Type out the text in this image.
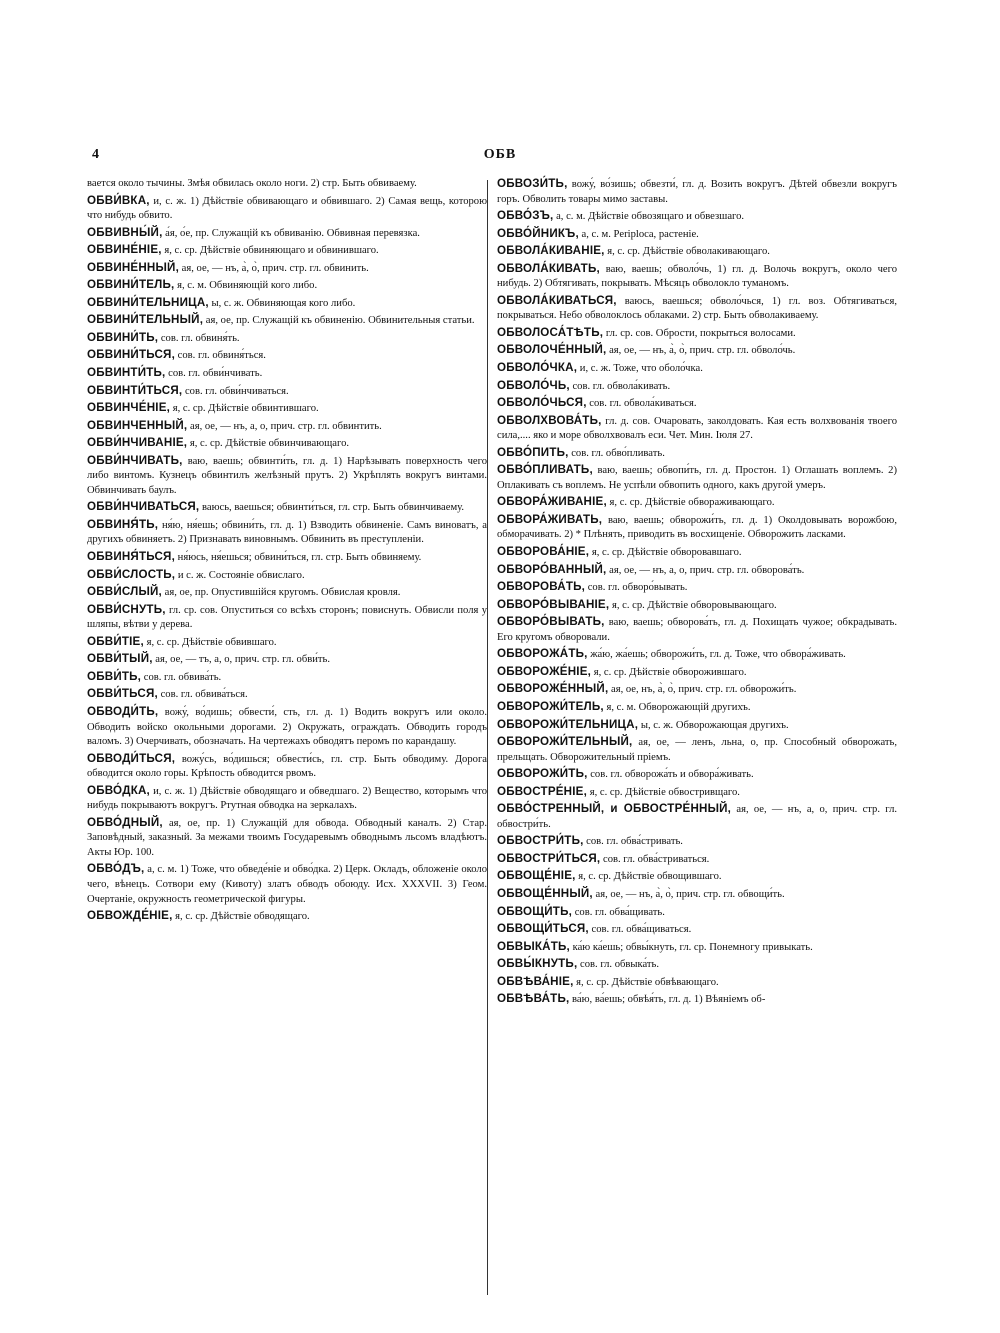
4	ОБВ
вается около тычины. Змѣя обвилась около ноги. 2) стр. Быть обвиваему.
ОБВИ́ВКА, и, с. ж. 1) Дѣйствіе обвивающаго и обвившаго. 2) Самая вещь, которою что нибудь обвито.
ОБВИВНЫ́Й, а́я, о́е, пр. Служащій къ обвиванію. Обвивная перевязка.
ОБВИНЕ́НІЕ, я, с. ср. Дѣйствіе обвиняющаго и обвинившаго.
ОБВИНЕ́ННЫЙ, ая, ое, — нъ, а̀, о̀, прич. стр. гл. обвинить.
ОБВИНИ́ТЕЛЬ, я, с. м. Обвиняющій кого либо.
ОБВИНИ́ТЕЛЬНИЦА, ы, с. ж. Обвиняющая кого либо.
ОБВИНИ́ТЕЛЬНЫЙ, ая, ое, пр. Служащій къ обвиненію. Обвинительныя статьи.
ОБВИНИ́ТЬ, сов. гл. обвиня́ть.
ОБВИНИ́ТЬСЯ, сов. гл. обвиня́ться.
ОБВИНТИ́ТЬ, сов. гл. обви́нчивать.
ОБВИНТИ́ТЬСЯ, сов. гл. обви́нчиваться.
ОБВИНЧЕ́НІЕ, я, с. ср. Дѣйствіе обвинтившаго.
ОБВИНЧЕННЫЙ, ая, ое, — нъ, а, о, прич. стр. гл. обвинтить.
ОБВИ́НЧИВАНІЕ, я, с. ср. Дѣйствіе обвинчивающаго.
ОБВИ́НЧИВАТЬ, ваю, ваешь; обвинти́ть, гл. д. 1) Нарѣзывать поверхность чего либо винтомъ. Кузнецъ обвинтилъ желѣзный прутъ. 2) Укрѣплять вокругъ винтами. Обвинчивать баулъ.
ОБВИ́НЧИВАТЬСЯ, ваюсь, ваешься; обвинти́ться, гл. стр. Быть обвинчиваему.
ОБВИНЯ́ТЬ, ня́ю, ня́ешь; обвини́ть, гл. д. 1) Взводить обвиненіе. Самъ виноватъ, а другихъ обвиняетъ. 2) Признавать виновнымъ. Обвинить въ преступленіи.
ОБВИНЯ́ТЬСЯ, ня́юсь, ня́ешься; обвини́ться, гл. стр. Быть обвиняему.
ОБВИ́СЛОСТЬ, и с. ж. Состояніе обвислаго.
ОБВИ́СЛЫЙ, ая, ое, пр. Опустившійся кругомъ. Обвислая кровля.
ОБВИ́СНУТЬ, гл. ср. сов. Опуститься со всѣхъ сторонъ; повиснуть. Обвисли поля у шляпы, вѣтви у дерева.
ОБВИ́ТІЕ, я, с. ср. Дѣйствіе обвившаго.
ОБВИ́ТЫЙ, ая, ое, — тъ, а, о, прич. стр. гл. обви́ть.
ОБВИ́ТЬ, сов. гл. обвива́ть.
ОБВИ́ТЬСЯ, сов. гл. обвива́ться.
ОБВОДИ́ТЬ, вожу́, во́дишь; обвести́, сть, гл. д. 1) Водить вокругъ или около. Обводить войско окольными дорогами. 2) Окружать, ограждать. Обводить городъ валомъ. 3) Очерчивать, обозначать. На чертежахъ обводятъ перомъ по карандашу.
ОБВОДИ́ТЬСЯ, вожу́сь, во́дишься; обвести́сь, гл. стр. Быть обводиму. Дорога обводится около горы. Крѣпость обводится рвомъ.
ОБВО́ДКА, и, с. ж. 1) Дѣйствіе обводящаго и обведшаго. 2) Вещество, которымъ что нибудь покрываютъ вокругъ. Ртутная обводка на зеркалахъ.
ОБВО́ДНЫЙ, ая, ое, пр. 1) Служащій для обвода. Обводный каналъ. 2) Стар. Заповѣдный, заказный. За межами твоимъ Государевымъ обводнымъ льсомъ владѣютъ. Акты Юр. 100.
ОБВО́ДЪ, а, с. м. 1) Тоже, что обведе́ніе и обво́дка. 2) Церк. Окладъ, обложеніе около чего, вѣнецъ. Сотвори ему (Кивоту) златъ обводъ обоюду. Исх. XXXVII. 3) Геом. Очертаніе, окружность геометрической фигуры.
ОБВОЖДЕ́НІЕ, я, с. ср. Дѣйствіе обводящаго.
ОБВОЗИ́ТЬ, вожу́, во́зишь; обвезти́, гл. д. Возить вокругъ. Дѣтей обвезли вокругъ горъ. Обволить товары мимо заставы.
ОБВО́ЗЪ, а, с. м. Дѣйствіе обвозящаго и обвезшаго.
ОБВО́ЙНИКЪ, а, с. м. Periploca, растеніе.
ОБВОЛА́КИВАНІЕ, я, с. ср. Дѣйствіе обволакивающаго.
ОБВОЛА́КИВАТЬ, ваю, ваешь; обволо́чь, 1) гл. д. Волочь вокругъ, около чего нибудь. 2) Обтягивать, покрывать. Мѣсяцъ обволокло туманомъ.
ОБВОЛА́КИВАТЬСЯ, ваюсь, ваешься; обволо́чься, 1) гл. воз. Обтягиваться, покрываться. Небо обволоклось облаками. 2) стр. Быть обволакиваему.
ОБВОЛОСА́ТѢТЬ, гл. ср. сов. Обрости, покрыться волосами.
ОБВОЛОЧЕ́ННЫЙ, ая, ое, — нъ, а̀, о̀, прич. стр. гл. обволо́чь.
ОБВОЛО́ЧКА, и, с. ж. Тоже, что оболо́чка.
ОБВОЛО́ЧЬ, сов. гл. обвола́кивать.
ОБВОЛО́ЧЬСЯ, сов. гл. обвола́киваться.
ОБВОЛХВОВА́ТЬ, гл. д. сов. Очаровать, заколдовать. Кая есть волхвованія твоего сила,.... яко и море обволхвовалъ еси. Чет. Мин. Іюля 27.
ОБВО́ПИТЬ, сов. гл. обво́пливать.
ОБВО́ПЛИВАТЬ, ваю, ваешь; обвопи́ть, гл. д. Простон. 1) Оглашать воплемъ. 2) Оплакивать съ воплемъ. Не успѣли обвопить одного, какъ другой умеръ.
ОБВОРА́ЖИВАНІЕ, я, с. ср. Дѣйствіе обвораживающаго.
ОБВОРА́ЖИВАТЬ, ваю, ваешь; обворожи́ть, гл. д. 1) Околдовывать ворожбою, обморачивать. 2) * Плѣнять, приводить въ восхищеніе. Обворожить ласками.
ОБВОРОВА́НІЕ, я, с. ср. Дѣйствіе обворовавшаго.
ОБВОРО́ВАННЫЙ, ая, ое, — нъ, а, о, прич. стр. гл. обворова́ть.
ОБВОРОВА́ТЬ, сов. гл. обворо́вывать.
ОБВОРО́ВЫВАНІЕ, я, с. ср. Дѣйствіе обворовывающаго.
ОБВОРО́ВЫВАТЬ, ваю, ваешь; обворова́ть, гл. д. Похищать чужое; обкрадывать. Его кругомъ обворовали.
ОБВОРОЖА́ТЬ, жа́ю, жа́ешь; обворожи́ть, гл. д. Тоже, что обвора́живать.
ОБВОРОЖЕ́НІЕ, я, с. ср. Дѣйствіе обворожившаго.
ОБВОРОЖЕ́ННЫЙ, ая, ое, нъ, а̀, о̀, прич. стр. гл. обворожи́ть.
ОБВОРОЖИ́ТЕЛЬ, я, с. м. Обворожающій другихъ.
ОБВОРОЖИ́ТЕЛЬНИЦА, ы, с. ж. Обворожающая другихъ.
ОБВОРОЖИ́ТЕЛЬНЫЙ, ая, ое, — ленъ, льна, о, пр. Способный обворожать, прельщать. Обворожительный пріемъ.
ОБВОРОЖИ́ТЬ, сов. гл. обворожа́ть и обвора́живать.
ОБВОСТРЕ́НІЕ, я, с. ср. Дѣйствіе обвостривщаго.
ОБВО́СТРЕННЫЙ, и ОБВОСТРЕ́ННЫЙ, ая, ое, — нъ, а, о, прич. стр. гл. обвостри́ть.
ОБВОСТРИ́ТЬ, сов. гл. обва́стривать.
ОБВОСТРИ́ТЬСЯ, сов. гл. обва́стриваться.
ОБВОЩЕ́НІЕ, я, с. ср. Дѣйствіе обвощившаго.
ОБВОЩЕ́ННЫЙ, ая, ое, — нъ, а̀, о̀, прич. стр. гл. обвощи́ть.
ОБВОЩИ́ТЬ, сов. гл. обва́щивать.
ОБВОЩИ́ТЬСЯ, сов. гл. обва́щиваться.
ОБВЫКА́ТЬ, ка́ю ка́ешь; обвы́кнуть, гл. ср. Понемногу привыкать.
ОБВЫ́КНУТЬ, сов. гл. обвыка́ть.
ОБВѢВА́НІЕ, я, с. ср. Дѣйствіе обвѣвающаго.
ОБВѢВА́ТЬ, ва́ю, ва́ешь; обвѣя́ть, гл. д. 1) Вѣяніемъ об-
